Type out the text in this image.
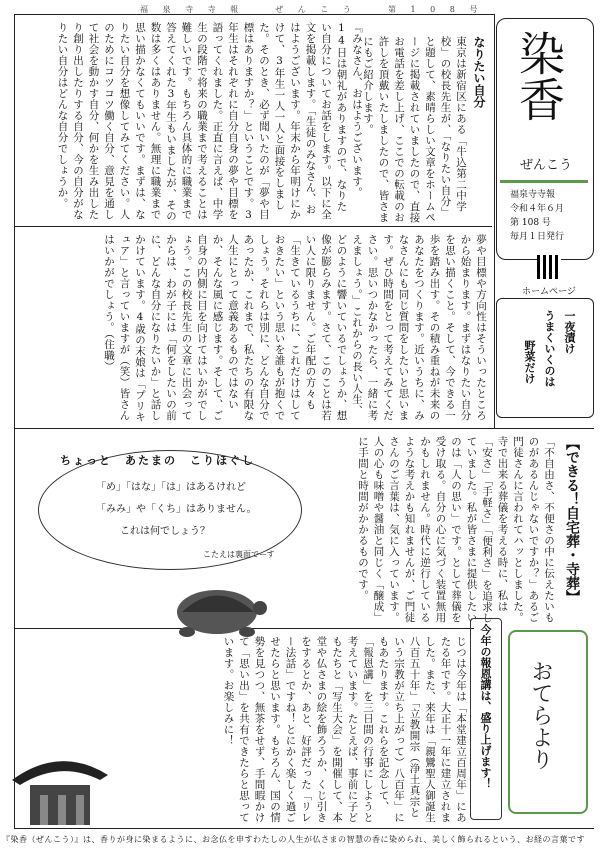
福 泉 寺 寺 報 　 ぜ ん こ う 　 第 1 0 8 号
染香
ぜんこう
福泉寺寺報
令和４年６月
第 108 号
毎月１日発行
ホームページ
一夜漬け
うまくいくのは
野菜だけ
なりたい自分
東京は新宿区にある「牛込第二中学校」の校長先生が、「なりたい自分」と題して、素晴らしい文章をホームページに掲載されていましたので、直接お電話を差し上げ、ここでの転載のお許しを頂戴いたしましたので、皆さまにもご紹介します。
『みなさん、おはようございます。14日は朝礼がありますので、なりたい自分についてお話をします。以下に全文を掲載します。「生徒のみなさん、おはようございます。年末から年明けにかけて、3年生一人一人と面接をしました。そのとき、必ず聞いたのが「夢や目標はありますか？」ということです。3年生はそれぞれに自分自身の夢や目標を語ってくれました。正直に言えば、中学生の段階で将来の職業まで考えることは難しいです。もちろん具体的に職業まで答えてくれた3年生もいましたが、その数は多くはありません。無理に職業まで思い描かなくてもいいです。まずは、なりたい自分を想像してみてください。人のためにコツコツ働く自分、意見を通して社会を動かす自分、何かを生み出したり創り出したりする自分、今の自分がなりたい自分はどんな自分でしょうか。
夢や目標や方向性はそういったところから始まります。まずはなりたい自分を思い描くこと。そして、今できる一歩を踏み出す。その積み重ねが未来のあなたをつくります。近いうちに、みなさんにも同じ質問をしたいと思います。ぜひ時間をとって考えてみてください。思いつかなかったら、一緒に考えましょう。」これからの長い人生、どのように響いているでしょうか、想像が膨らみます。さて、このことは若い人に限りません。ご年配の方々も「生きているうちに、これだけはしておきたい」という思いを誰もが抱くでしょう。それらは別に、どんな自分であったか、これまで、私たちの有限な人生にとって意義あるものではないか、そんな風に感じます。そして、ご自身の内側に目を向けてはいかがでしょう。この校長先生の文章に出会ってからは、わが子には「何をしたいの前に、どんな自分になりたいか」と話しかけています。4歳の末娘は「プリキュア」と言っていますが（笑）皆さんはいかがでしょう。（住職）
【できる！自宅葬・寺葬】
「不自由さ、不便さの中に伝えたいものがあるんじゃないですか？」あるご門徒さんに言われてハッとしました。寺で出来る葬儀を考える時に、私は「安さ」「手軽さ」「便利さ」を追求していました。私が皆さまに提供したいのは「人の思い」です。として葬儀を受け取る。自分の心に気づく装置無用かもしれません。時代に逆行しているような考えかも知れませんが、ご門徒さんのご言葉は、気に入っています。人の心も味噌や醤油と同じく「醸成」に手間と時間がかかるものです。
ちょっと　あたまの　こりほぐし
「め」「はな」「は」はあるけれど
「みみ」や「くち」はありません。
これは何でしょう？
こたえは裏面でーす
今年の報恩講は、盛り上げます！
じつは今年は「本堂建立百周年」にあたる年です。大正十一年に建立されました。また、来年は「親鸞聖人御誕生八百五十年」「立教開宗（浄土真宗という宗教が立ち上がって）八百年」にもあたります。これらを記念して、「報恩講」を三日間の行事にしようと考えています。たとえば、事前に子どもたちと「写生大会」を開催して、本堂や仏さまの絵を飾ろうか、くじ引きをするとか、あと、好評だった「リレー法話」ですね！とにかく楽しく過ごせたらと思います。もちろん、国の情勢を見つつ、無茶をせず、手間暇かけて「思い出」を共有できたらと思っています。お楽しみに！	おてらより
『染香（ぜんこう）』は、香りが身に染まるように、お念仏を申すわたしの人生が仏さまの智慧の香に染められ、美しく飾られるという、お経の言葉です
